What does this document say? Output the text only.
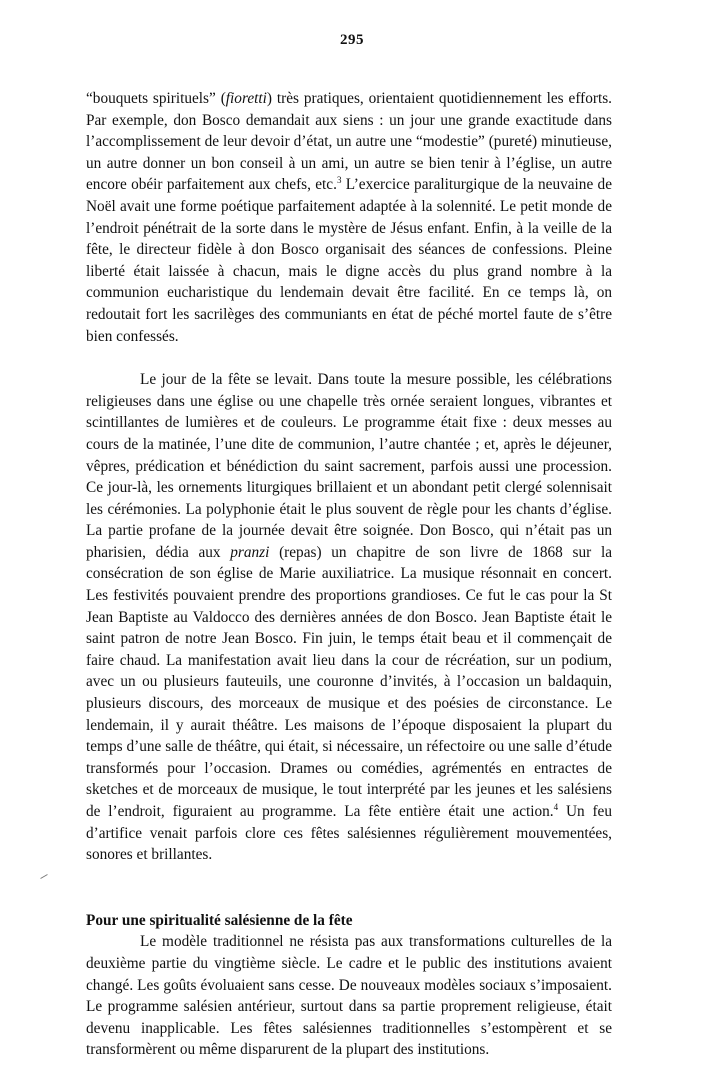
295

“bouquets spirituels” (fioretti) très pratiques, orientaient quotidiennement les efforts. Par exemple, don Bosco demandait aux siens : un jour une grande exactitude dans l’accomplissement de leur devoir d’état, un autre une “modestie” (pureté) minutieuse, un autre donner un bon conseil à un ami, un autre se bien tenir à l’église, un autre encore obéir parfaitement aux chefs, etc.$^3$ L’exercice paraliturgique de la neuvaine de Noël avait une forme poétique parfaitement adaptée à la solennité. Le petit monde de l’endroit pénétrait de la sorte dans le mystère de Jésus enfant. Enfin, à la veille de la fête, le directeur fidèle à don Bosco organisait des séances de confessions. Pleine liberté était laissée à chacun, mais le digne accès du plus grand nombre à la communion eucharistique du lendemain devait être facilité. En ce temps là, on redoutait fort les sacrilèges des communiants en état de péché mortel faute de s’être bien confessés.

Le jour de la fête se levait. Dans toute la mesure possible, les célébrations religieuses dans une église ou une chapelle très ornée seraient longues, vibrantes et scintillantes de lumières et de couleurs. Le programme était fixe : deux messes au cours de la matinée, l’une dite de communion, l’autre chantée ; et, après le déjeuner, vêpres, prédication et bénédiction du saint sacrement, parfois aussi une procession. Ce jour-là, les ornements liturgiques brillaient et un abondant petit clergé solennisait les cérémonies. La polyphonie était le plus souvent de règle pour les chants d’église. La partie profane de la journée devait être soignée. Don Bosco, qui n’était pas un pharisien, dédia aux pranzi (repas) un chapitre de son livre de 1868 sur la consécration de son église de Marie auxiliatrice. La musique résonnait en concert. Les festivités pouvaient prendre des proportions grandioses. Ce fut le cas pour la St Jean Baptiste au Valdocco des dernières années de don Bosco. Jean Baptiste était le saint patron de notre Jean Bosco. Fin juin, le temps était beau et il commençait de faire chaud. La manifestation avait lieu dans la cour de récréation, sur un podium, avec un ou plusieurs fauteuils, une couronne d’invités, à l’occasion un baldaquin, plusieurs discours, des morceaux de musique et des poésies de circonstance. Le lendemain, il y aurait théâtre. Les maisons de l’époque disposaient la plupart du temps d’une salle de théâtre, qui était, si nécessaire, un réfectoire ou une salle d’étude transformés pour l’occasion. Drames ou comédies, agrémentés en entractes de sketches et de morceaux de musique, le tout interprété par les jeunes et les salésiens de l’endroit, figuraient au programme. La fête entière était une action.$^4$ Un feu d’artifice venait parfois clore ces fêtes salésiennes régulièrement mouvementées, sonores et brillantes.

Pour une spiritualité salésienne de la fête

Le modèle traditionnel ne résista pas aux transformations culturelles de la deuxième partie du vingtième siècle. Le cadre et le public des institutions avaient changé. Les goûts évoluaient sans cesse. De nouveaux modèles sociaux s’imposaient. Le programme salésien antérieur, surtout dans sa partie proprement religieuse, était devenu inapplicable. Les fêtes salésiennes traditionnelles s’estompèrent et se transformèrent ou même disparurent de la plupart des institutions.
